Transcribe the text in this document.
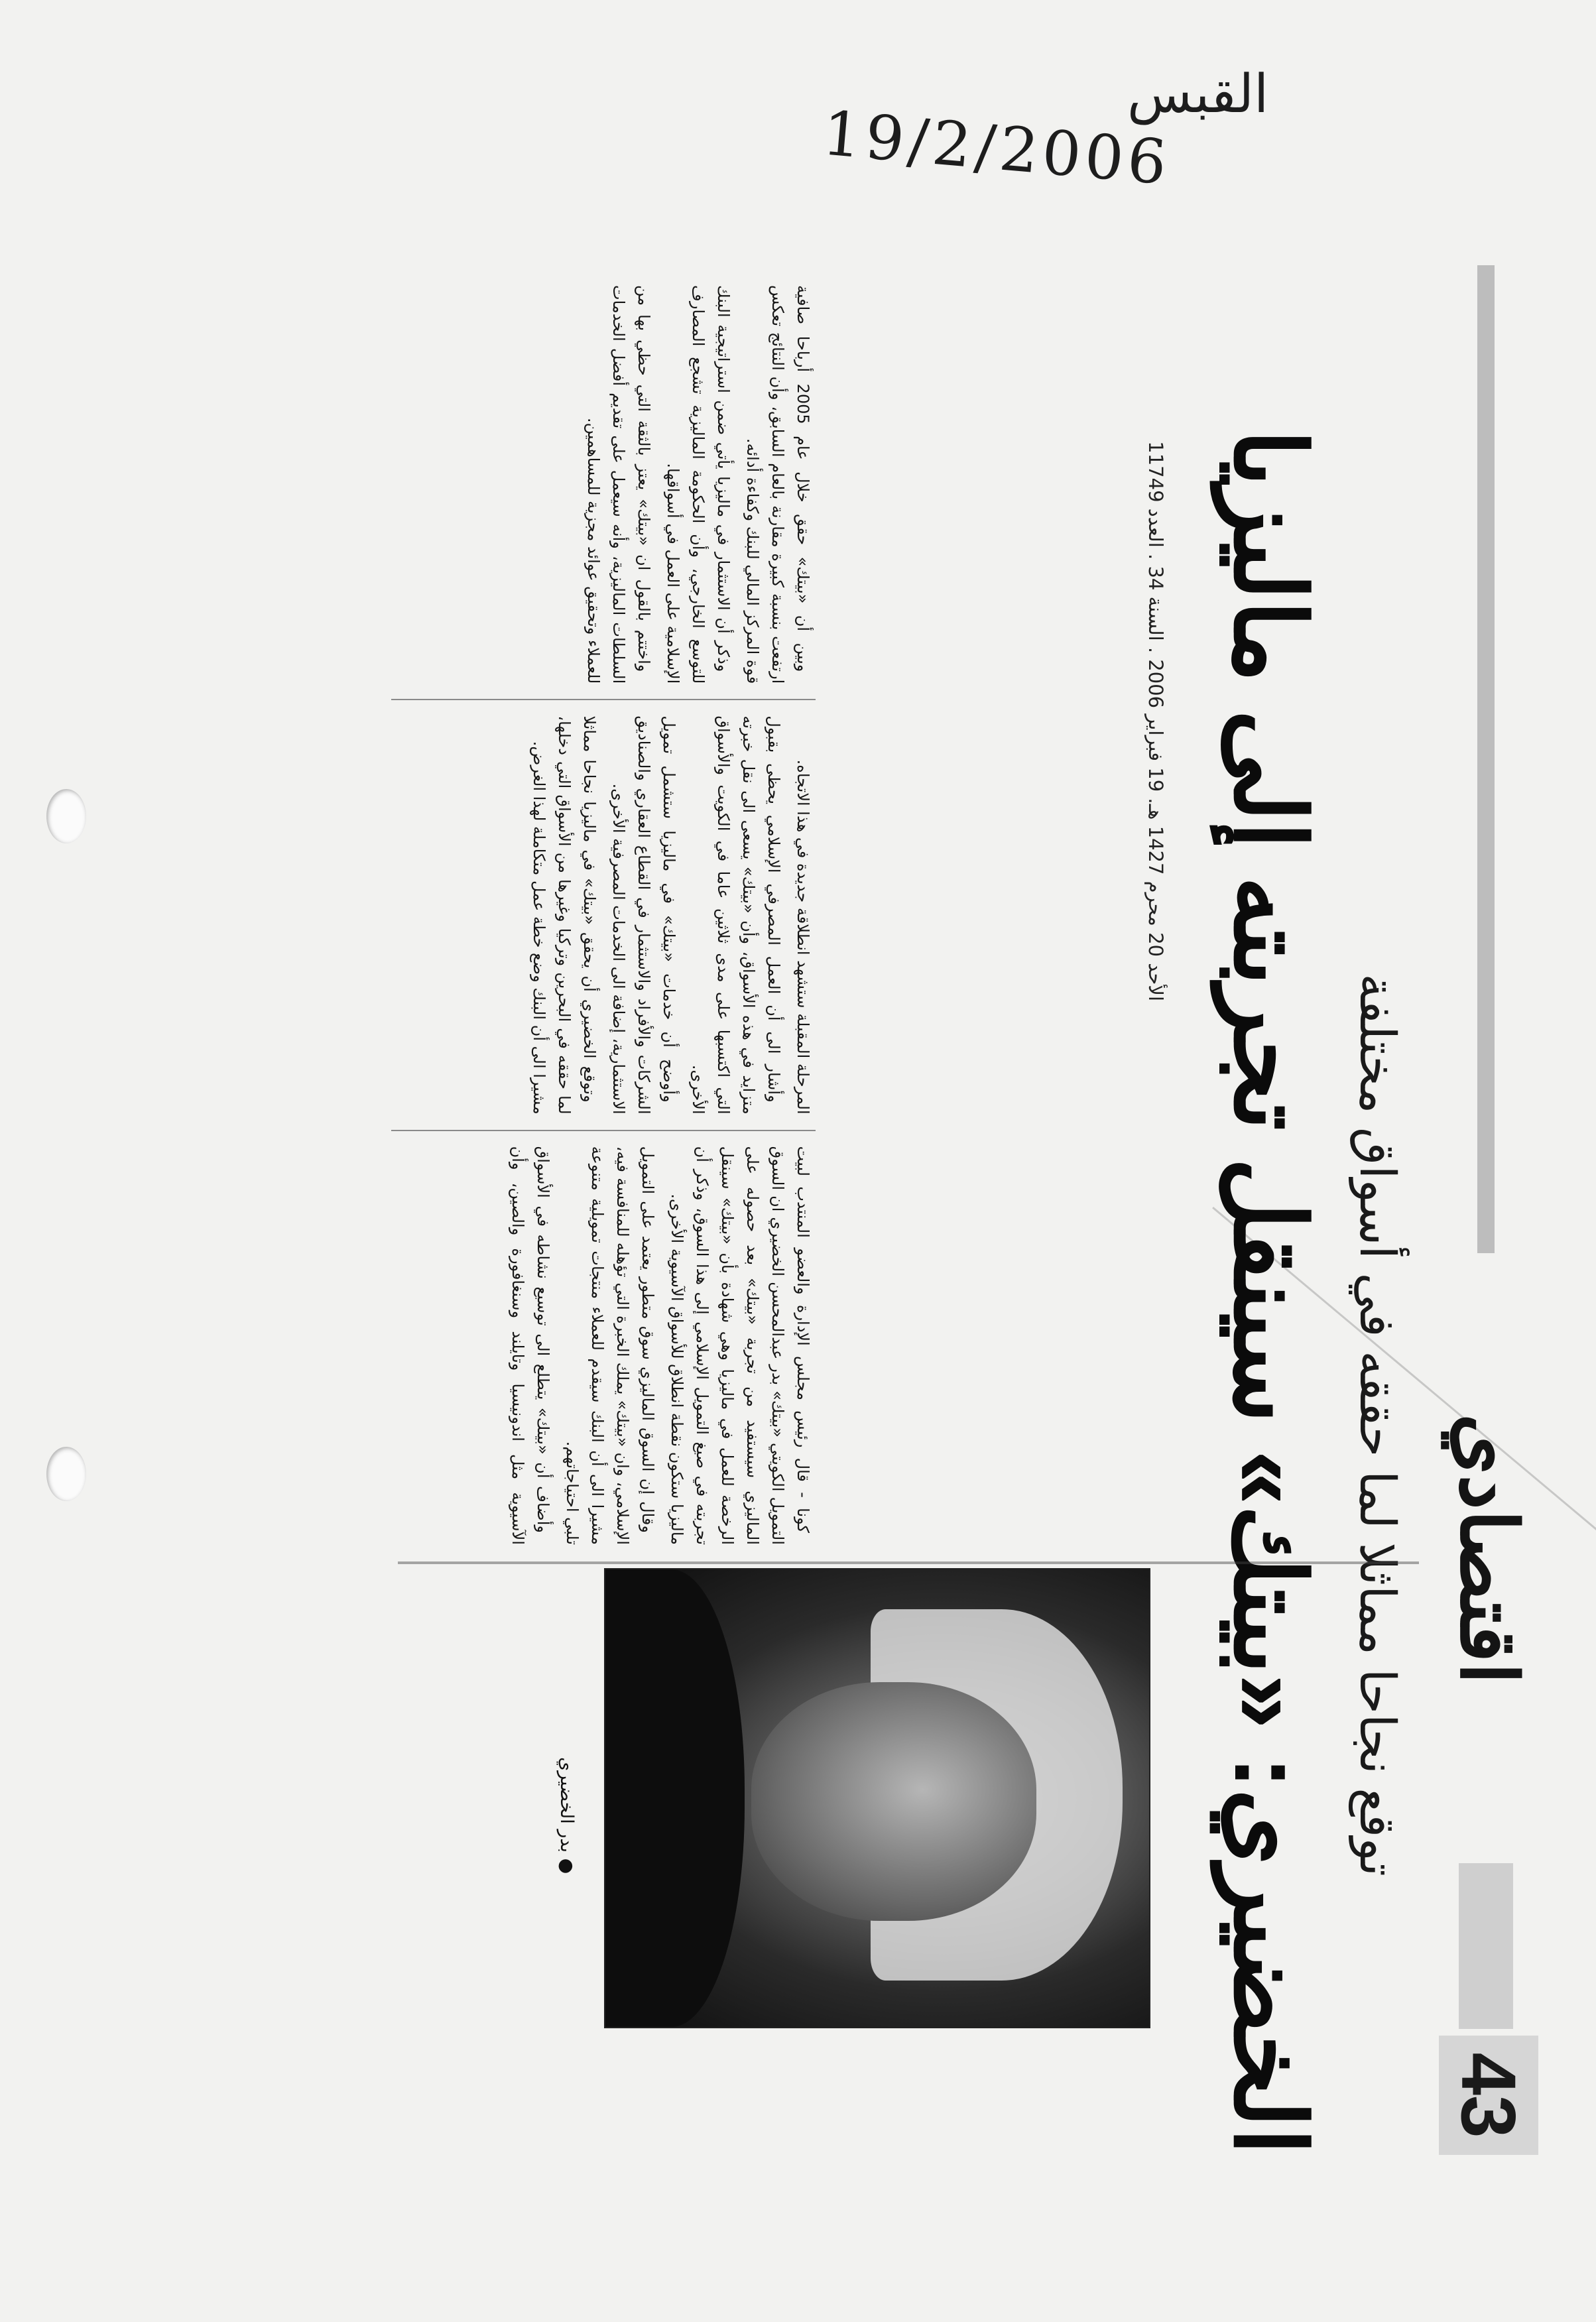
القبس
19/2/2006
43
اقتصادي
توقع نجاحا مماثلا لما حققه في أسواق مختلفة
الخضيري: «بيتك» سينقل تجربته إلى ماليزيا
الأحد 20 محرم 1427 هـ. 19 فبراير 2006 . السنة 34 . العدد 11749
● بدر الخضيري

كونا - قال رئيس مجلس الإدارة والعضو المنتدب لبيت التمويل الكويتي «بيتك» بدر عبدالمحسن الخضيري ان السوق الماليزي سيستفيد من تجربة «بيتك» بعد حصوله على الرخصة للعمل في ماليزيا وهي شهادة بأن «بيتك» سينقل تجربته في صيغ التمويل الإسلامي إلى هذا السوق، وذكر أن ماليزيا ستكون نقطة انطلاق للأسواق الآسيوية الأخرى.

وقال إن السوق الماليزي سوق متطور يعتمد على التمويل الإسلامي، وان «بيتك» يملك الخبرة التي تؤهله للمنافسة فيه، مشيرا الى أن البنك سيقدم للعملاء منتجات تمويلية متنوعة تلبي احتياجاتهم.

وأضاف أن «بيتك» يتطلع الى توسيع نشاطه في الأسواق الآسيوية مثل اندونيسيا وتايلند وسنغافورة والصين، وأن المرحلة المقبلة ستشهد انطلاقة جديدة في هذا الاتجاه.

وأشار الى أن العمل المصرفي الإسلامي يحظى بقبول متزايد في هذه الأسواق، وأن «بيتك» يسعى الى نقل خبرته التي اكتسبها على مدى ثلاثين عاما في الكويت والأسواق الأخرى.

وأوضح أن خدمات «بيتك» في ماليزيا ستشمل تمويل الشركات والأفراد والاستثمار في القطاع العقاري والصناديق الاستثمارية، إضافة الى الخدمات المصرفية الأخرى.

وتوقع الخضيري أن يحقق «بيتك» في ماليزيا نجاحا مماثلا لما حققه في البحرين وتركيا وغيرها من الأسواق التي دخلها، مشيرا الى أن البنك وضع خطة عمل متكاملة لهذا الغرض.

وبين أن «بيتك» حقق خلال عام 2005 أرباحا صافية ارتفعت بنسبة كبيرة مقارنة بالعام السابق، وأن النتائج تعكس قوة المركز المالي للبنك وكفاءة أدائه.

وذكر أن الاستثمار في ماليزيا يأتي ضمن استراتيجية البنك للتوسع الخارجي، وأن الحكومة الماليزية تشجع المصارف الإسلامية على العمل في أسواقها.

واختتم بالقول ان «بيتك» يعتز بالثقة التي حظي بها من السلطات الماليزية، وأنه سيعمل على تقديم أفضل الخدمات للعملاء وتحقيق عوائد مجزية للمساهمين.
